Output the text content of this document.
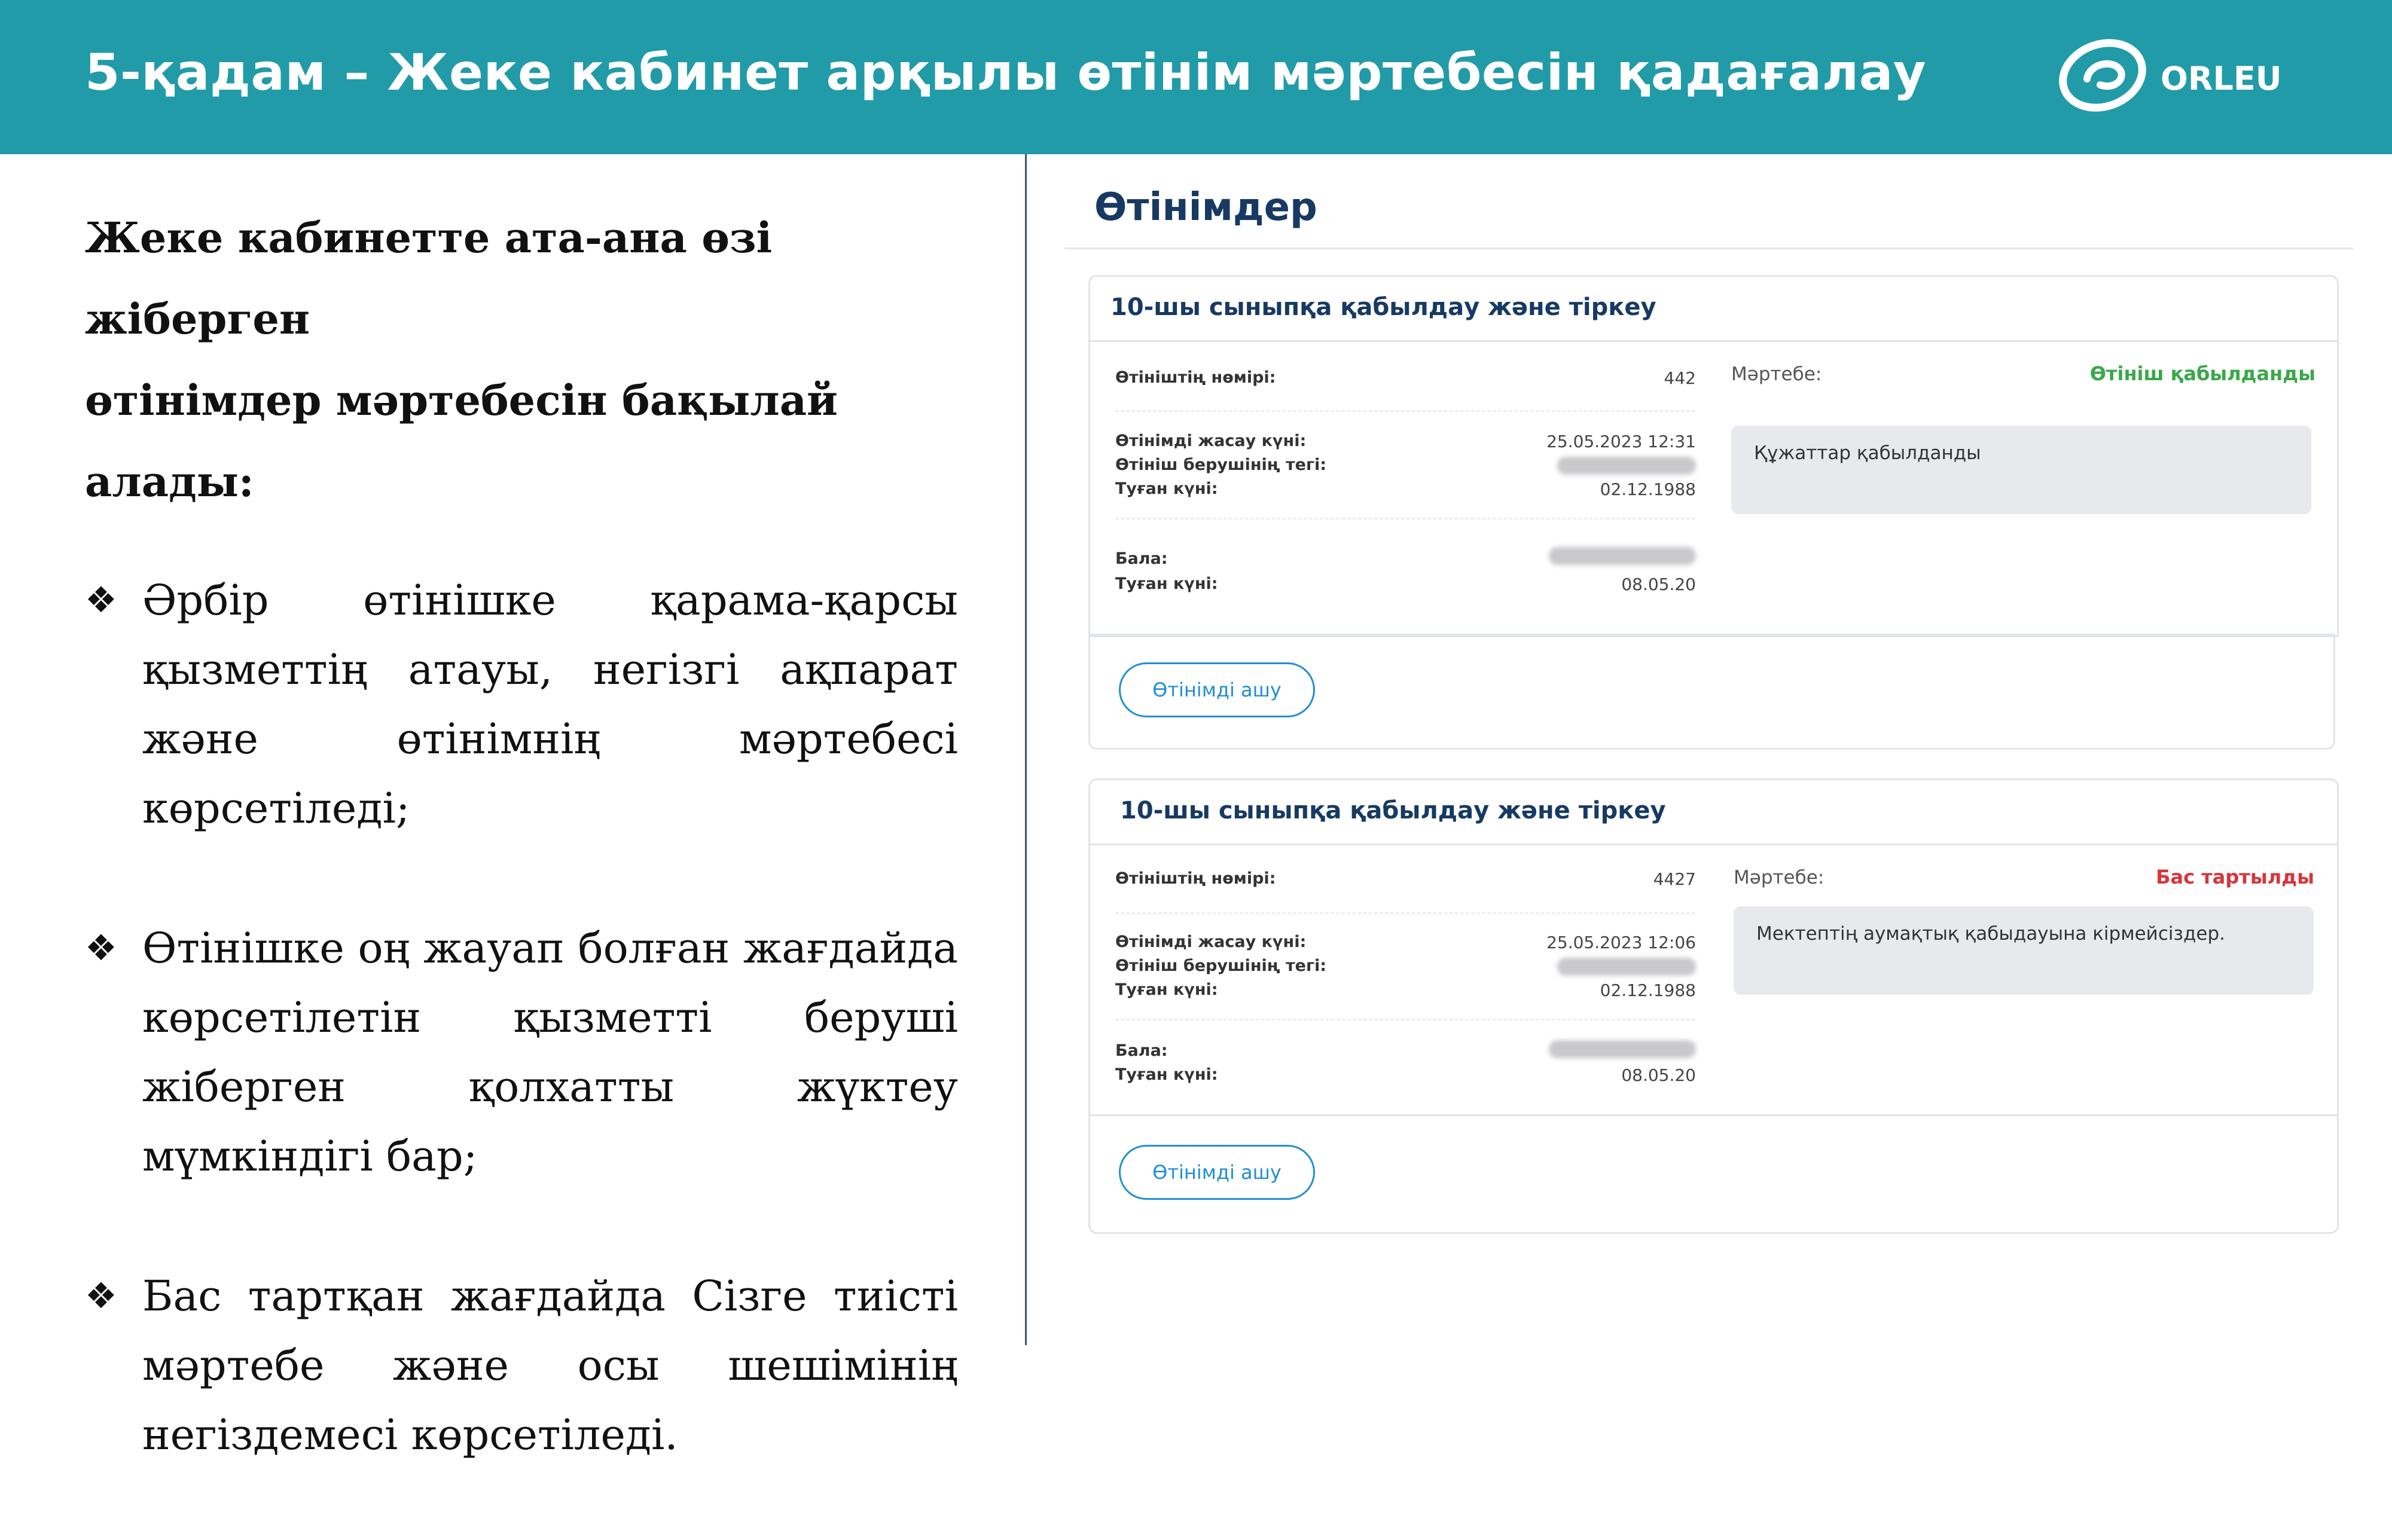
5-қадам – Жеке кабинет арқылы өтінім мәртебесін қадағалау	ORLEU
Жеке кабинетте ата-ана өзі жіберген
өтінімдер мәртебесін бақылай алады:
❖ Әрбір өтінішке қарама-қарсы қызметтің атауы, негізгі ақпарат және өтінімнің мәртебесі көрсетіледі;
❖ Өтінішке оң жауап болған жағдайда көрсетілетін қызметті беруші жіберген қолхатты жүктеу мүмкіндігі бар;
❖ Бас тартқан жағдайда Сізге тиісті мәртебе және осы шешімінің негіздемесі көрсетіледі.
Өтінімдер
10-шы сыныпқа қабылдау және тіркеу
Өтініштің нөмірі:	442
Өтінімді жасау күні:	25.05.2023 12:31
Өтініш берушінің тегі:
Туған күні:	02.12.1988
Мәртебе:	Өтініш қабылданды
Құжаттар қабылданды
Бала:
Туған күні:	08.05.20
Өтінімді ашу
10-шы сыныпқа қабылдау және тіркеу
Өтініштің нөмірі:	4427
Өтінімді жасау күні:	25.05.2023 12:06
Өтініш берушінің тегі:
Туған күні:	02.12.1988
Бала:
Туған күні:	08.05.20
Мәртебе:	Бас тартылды
Мектептің аумақтық қабыдауына кірмейсіздер.
Өтінімді ашу
